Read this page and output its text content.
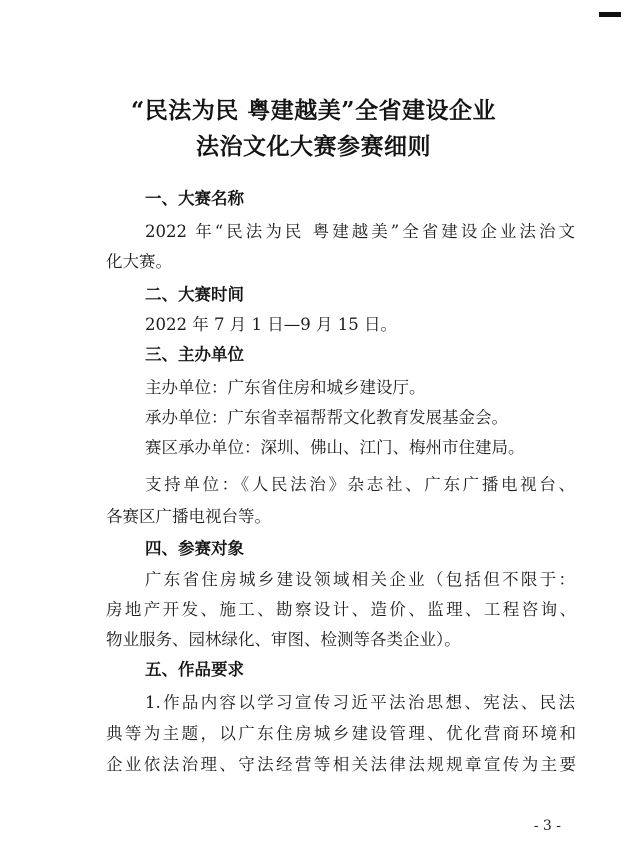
“民法为民 粤建越美”全省建设企业
法治文化大赛参赛细则
一、大赛名称
2022 年“民法为民 粤建越美”全省建设企业法治文
化大赛。
二、大赛时间
2022 年 7 月 1 日—9 月 15 日。
三、主办单位
主办单位：广东省住房和城乡建设厅。
承办单位：广东省幸福帮帮文化教育发展基金会。
赛区承办单位：深圳、佛山、江门、梅州市住建局。
支持单位：《人民法治》杂志社、广东广播电视台、
各赛区广播电视台等。
四、参赛对象
广东省住房城乡建设领域相关企业（包括但不限于：
房地产开发、施工、勘察设计、造价、监理、工程咨询、
物业服务、园林绿化、审图、检测等各类企业）。
五、作品要求
1.作品内容以学习宣传习近平法治思想、宪法、民法
典等为主题，以广东住房城乡建设管理、优化营商环境和
企业依法治理、守法经营等相关法律法规规章宣传为主要
- 3 -
